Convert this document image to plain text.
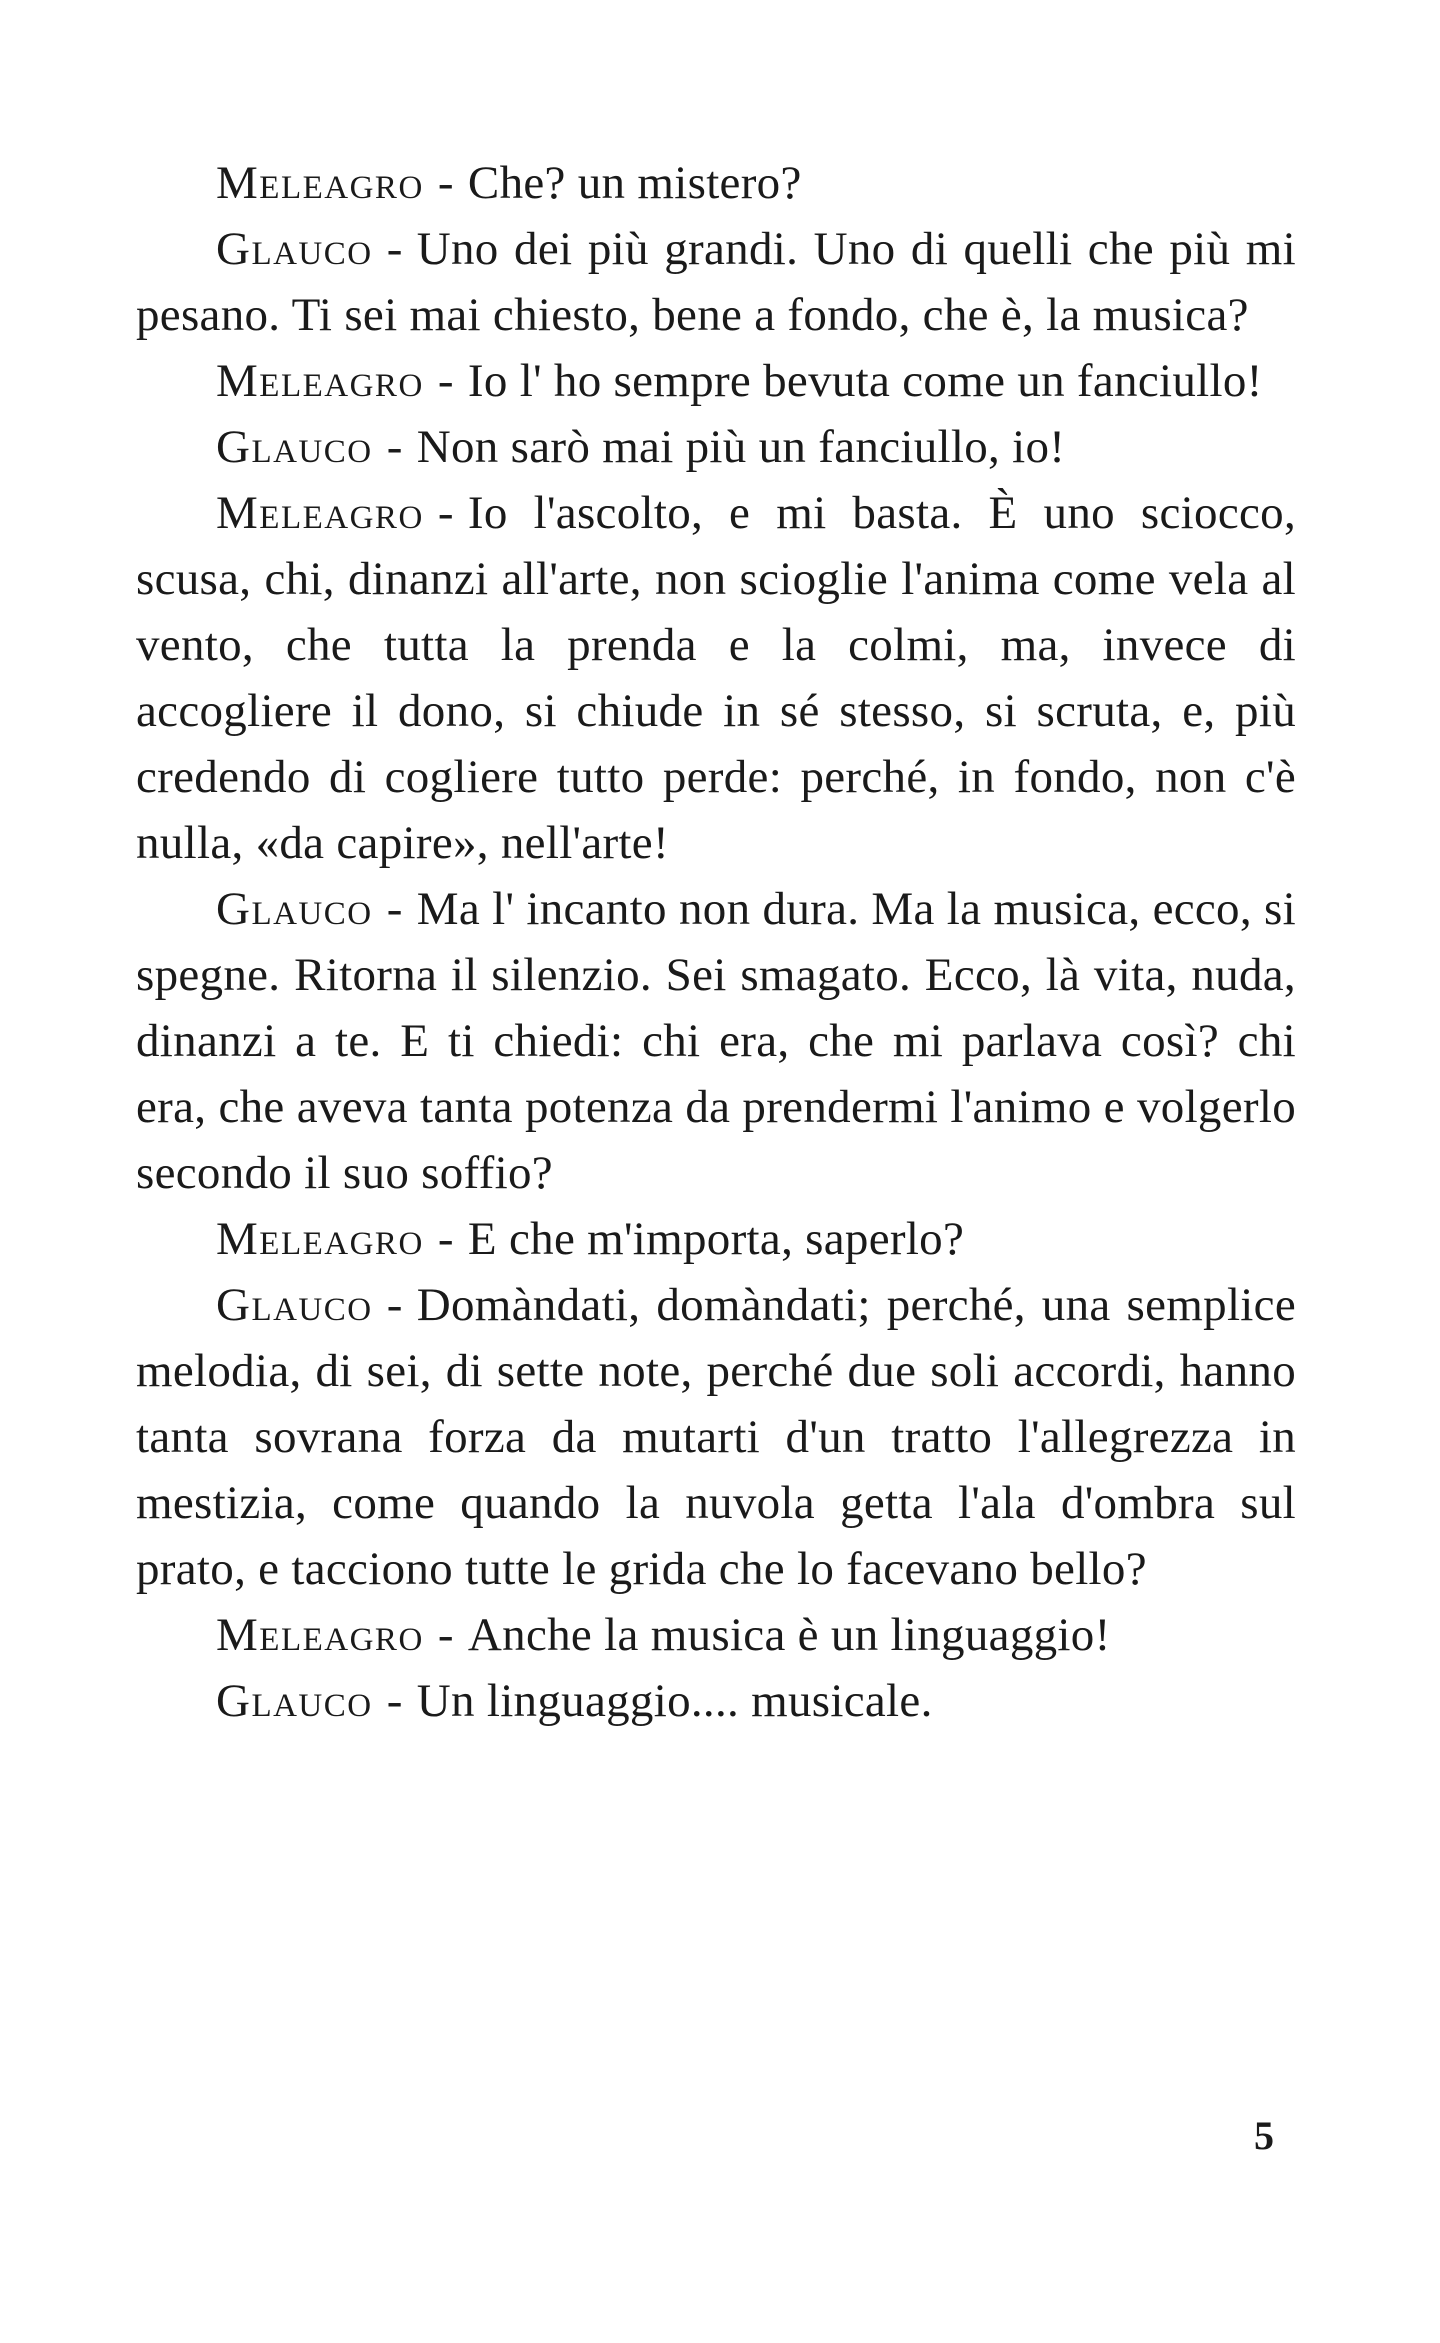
Meleagro - Che? un mistero?

Glauco - Uno dei più grandi. Uno di quelli che più mi pesano. Ti sei mai chiesto, bene a fondo, che è, la musica?

Meleagro - Io l' ho sempre bevuta come un fanciullo!

Glauco - Non sarò mai più un fanciullo, io!

Meleagro - Io l'ascolto, e mi basta. È uno sciocco, scusa, chi, dinanzi all'arte, non scioglie l'anima come vela al vento, che tutta la prenda e la colmi, ma, invece di accogliere il dono, si chiude in sé stesso, si scruta, e, più credendo di cogliere tutto perde: perché, in fondo, non c'è nulla, «da capire», nell'arte!

Glauco - Ma l' incanto non dura. Ma la musica, ecco, si spegne. Ritorna il silenzio. Sei smagato. Ecco, là vita, nuda, dinanzi a te. E ti chiedi: chi era, che mi parlava così? chi era, che aveva tanta potenza da prendermi l'animo e volgerlo secondo il suo soffio?

Meleagro - E che m'importa, saperlo?

Glauco - Domàndati, domàndati; perché, una semplice melodia, di sei, di sette note, perché due soli accordi, hanno tanta sovrana forza da mutarti d'un tratto l'allegrezza in mestizia, come quando la nuvola getta l'ala d'ombra sul prato, e tacciono tutte le grida che lo facevano bello?

Meleagro - Anche la musica è un linguaggio!

Glauco - Un linguaggio.... musicale.

5
